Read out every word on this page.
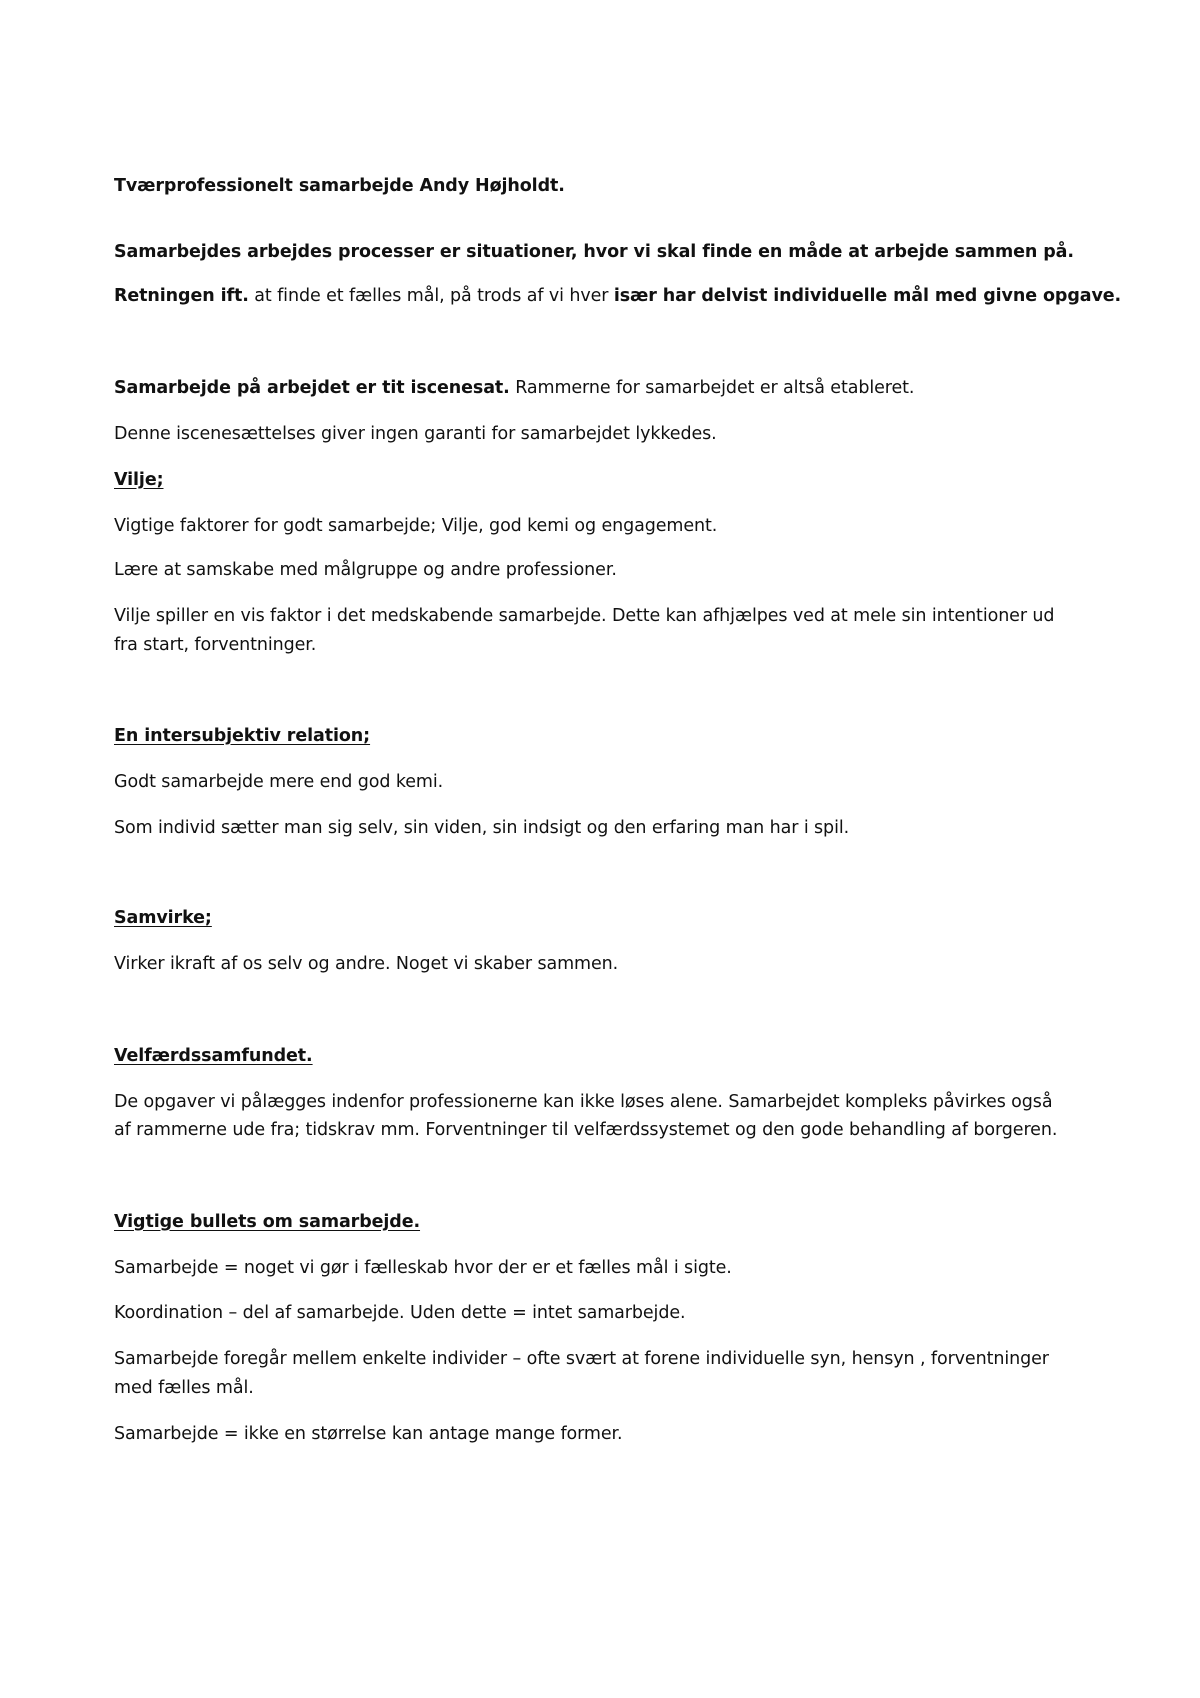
Tværprofessionelt samarbejde Andy Højholdt.
Samarbejdes arbejdes processer er situationer, hvor vi skal finde en måde at arbejde sammen på.
Retningen ift. at finde et fælles mål, på trods af vi hver især har delvist individuelle mål med givne opgave.
Samarbejde på arbejdet er tit iscenesat. Rammerne for samarbejdet er altså etableret.
Denne iscenesættelses giver ingen garanti for samarbejdet lykkedes.
Vilje;
Vigtige faktorer for godt samarbejde; Vilje, god kemi og engagement.
Lære at samskabe med målgruppe og andre professioner.
Vilje spiller en vis faktor i det medskabende samarbejde. Dette kan afhjælpes ved at mele sin intentioner ud
fra start, forventninger.
En intersubjektiv relation;
Godt samarbejde mere end god kemi.
Som individ sætter man sig selv, sin viden, sin indsigt og den erfaring man har i spil.
Samvirke;
Virker ikraft af os selv og andre. Noget vi skaber sammen.
Velfærdssamfundet.
De opgaver vi pålægges indenfor professionerne kan ikke løses alene. Samarbejdet kompleks påvirkes også
af rammerne ude fra; tidskrav mm. Forventninger til velfærdssystemet og den gode behandling af borgeren.
Vigtige bullets om samarbejde.
Samarbejde = noget vi gør i fælleskab hvor der er et fælles mål i sigte.
Koordination – del af samarbejde. Uden dette = intet samarbejde.
Samarbejde foregår mellem enkelte individer – ofte svært at forene individuelle syn, hensyn , forventninger
med fælles mål.
Samarbejde = ikke en størrelse kan antage mange former.
